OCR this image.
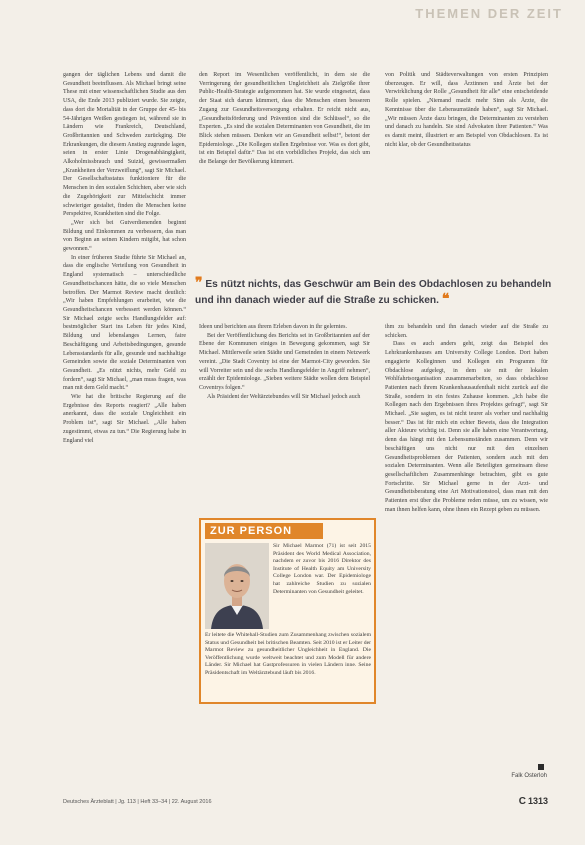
THEMEN DER ZEIT

gangen der täglichen Lebens und damit die Gesundheit beeinflussen. Als Michael bringt seine These mit einer wissenschaftlichen Studie aus den USA, die Ende 2013 publiziert wurde. Sie zeigte, dass dort die Mortalität in der Gruppe der 45- bis 54-Jährigen Weißen gestiegen ist, während sie in Ländern wie Frankreich, Deutschland, Großbritannien und Schweden zurückging. Die Erkrankungen, die diesem Anstieg zugrunde lagen, seien in erster Linie Drogenabhängigkeit, Alkoholmissbrauch und Suizid, gewissermaßen „Krankheiten der Verzweiflung“, sagt Sir Michael. Der Gesellschaftsstatus funktioniere für die Menschen in den sozialen Schichten, aber wie sich die Zugehörigkeit zur Mittelschicht immer schwieriger gestaltet, finden die Menschen keine Perspektive, Krankheiten sind die Folge.

„Wer sich bei Gutverdienenden beginnt Bildung und Einkommen zu verbessern, das man von Beginn an seinen Kindern mitgibt, hat schon gewonnen.“

In einer früheren Studie führte Sir Michael an, dass die englische Verteilung von Gesundheit in England systematisch – unterschiedliche Gesundheitschancen hätte, die so viele Menschen betroffen. Der Marmot Review macht deutlich: „Wir haben Empfehlungen erarbeitet, wie die Gesundheitschancen verbessert werden können.“ Sir Michael zeigte sechs Handlungsfelder auf: bestmöglicher Start ins Leben für jedes Kind, Bildung und lebenslanges Lernen, faire Beschäftigung und Arbeitsbedingungen, gesunde Lebensstandards für alle, gesunde und nachhaltige Gemeinden sowie die soziale Determinanten von Gesundheit. „Es nützt nichts, mehr Geld zu fordern“, sagt Sir Michael, „man muss fragen, was man mit dem Geld macht.“

Wie hat die britische Regierung auf die Ergebnisse des Reports reagiert? „Alle haben anerkannt, dass die soziale Ungleichheit ein Problem ist“, sagt Sir Michael. „Alle haben zugestimmt, etwas zu tun.“ Die Regierung habe in England viel

den Report im Wesentlichen veröffentlicht, in dem sie die Verringerung der gesundheitlichen Ungleichheit als Zielgröße ihrer Public-Health-Strategie aufgenommen hat. Sie wurde eingesetzt, dass der Staat sich darum kümmert, dass die Menschen einen besseren Zugang zur Gesundheitsversorgung erhalten. Er reicht nicht aus, „Gesundheitsförderung und Prävention sind die Schlüssel“, so die Experten. „Es sind die sozialen Determinanten von Gesundheit, die im Blick stehen müssen. Denken wir an Gesundheit selbst!“, betont der Epidemiologe. „Die Kollegen stellen Ergebnisse vor. Was es dort gibt, ist ein Beispiel dafür.“ Das ist ein vorbildliches Projekt, das sich um die Belange der Bevölkerung kümmert.

von Politik und Städteverwaltungen von ersten Prinzipien überzeugen. Er will, dass Ärztinnen und Ärzte bei der Verwirklichung der Rolle „Gesundheit für alle“ eine entscheidende Rolle spielen. „Niemand macht mehr Sinn als Ärzte, die Kenntnisse über die Lebensumstände haben“, sagt Sir Michael. „Wir müssen Ärzte dazu bringen, die Determinanten zu verstehen und danach zu handeln. Sie sind Advokaten ihrer Patienten.“ Was es damit meint, illustriert er am Beispiel von Obdachlosen. Es ist nicht klar, ob der Gesundheitsstatus

❞ Es nützt nichts, das Geschwür am Bein des Obdachlosen zu behandeln und ihn danach wieder auf die Straße zu schicken. ❝

Ideen und berichten aus ihrem Erleben davon in ihr gelerntes.

Bei der Veröffentlichung des Berichts sei in Großbritannien auf der Ebene der Kommunen einiges in Bewegung gekommen, sagt Sir Michael. Mittlerweile seien Städte und Gemeinden in einem Netzwerk vereint. „Die Stadt Coventry ist eine der Marmot-City geworden. Sie will Vorreiter sein und die sechs Handlungsfelder in Angriff nehmen“, erzählt der Epidemiologe. „Sieben weitere Städte wollen dem Beispiel Coventrys folgen.“

Als Präsident der Weltärztebundes will Sir Michael jedoch auch

ZUR PERSON
Sir Michael Marmot (71) ist seit 2015 Präsident des World Medical Association, nachdem er zuvor bis 2016 Direktor des Institute of Health Equity am University College London war. Der Epidemiologe hat zahlreiche Studien zu sozialen Determinanten von Gesundheit geleitet.
Er leitete die Whitehall-Studien zum Zusammenhang zwischen sozialem Status und Gesundheit bei britischen Beamten. Seit 2010 ist er Leiter der Marmot Review zu gesundheitlicher Ungleichheit in England. Die Veröffentlichung wurde weltweit beachtet und zum Modell für andere Länder. Sir Michael hat Gastprofessuren in vielen Ländern inne. Seine Präsidentschaft im Weltärztebund läuft bis 2016.

ihm zu behandeln und ihn danach wieder auf die Straße zu schicken.

Dass es auch anders geht, zeigt das Beispiel des Lehrkrankenhauses am University College London. Dort haben engagierte Kolleginnen und Kollegen ein Programm für Obdachlose aufgelegt, in dem sie mit der lokalen Wohlfahrtsorganisation zusammenarbeiten, so dass obdachlose Patienten nach ihrem Krankenhausaufenthalt nicht zurück auf die Straße, sondern in ein festes Zuhause kommen. „Ich habe die Kollegen nach den Ergebnissen ihres Projektes gefragt“, sagt Sir Michael. „Sie sagten, es ist nicht teurer als vorher und nachhaltig besser.“ Das ist für mich ein echter Beweis, dass die Integration aller Akteure wichtig ist. Denn sie alle haben eine Verantwortung, denn das hängt mit den Lebensumständen zusammen. Denn wir beschäftigen uns nicht nur mit den einzelnen Gesundheitsproblemen der Patienten, sondern auch mit den sozialen Determinanten. Wenn alle Beteiligten gemeinsam diese gesellschaftlichen Zusammenhänge betrachten, gibt es gute Fortschritte. Sir Michael gerne in der Arzt- und Gesundheitsberatung eine Art Motivationstool, dass man mit den Patienten erst über die Probleme reden müsse, um zu wissen, wie man ihnen helfen kann, ohne ihnen ein Rezept geben zu müssen.

Falk Osterloh
Deutsches Ärzteblatt | Jg. 113 | Heft 33–34 | 22. August 2016	C 1313
